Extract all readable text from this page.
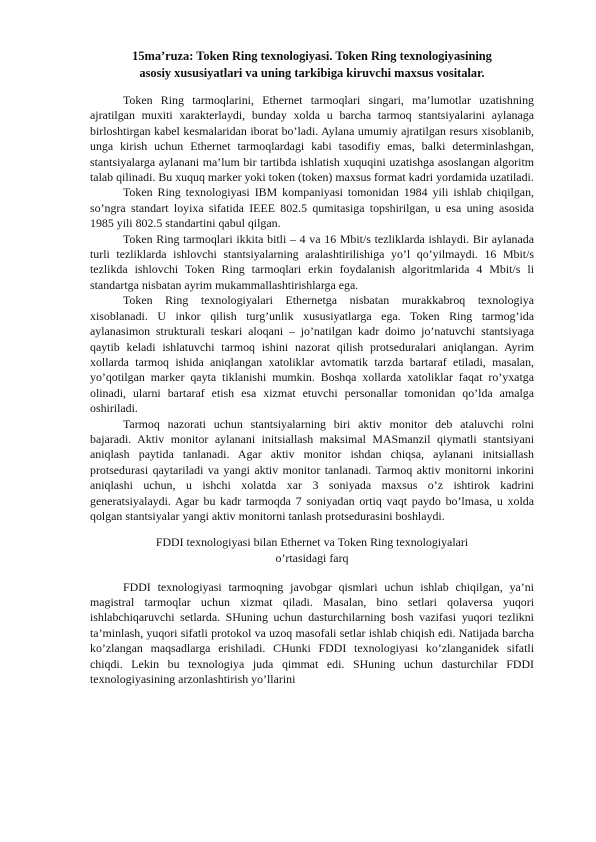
15ma’ruza: Token Ring texnologiyasi. Token Ring texnologiyasining
asosiy xususiyatlari va uning tarkibiga kiruvchi maxsus vositalar.

Token Ring tarmoqlarini, Ethernet tarmoqlari singari, ma’lumotlar uzatishning ajratilgan muxiti xarakterlaydi, bunday xolda u barcha tarmoq stantsiyalarini aylanaga birloshtirgan kabel kesmalaridan iborat bo’ladi. Aylana umumiy ajratilgan resurs xisoblanib, unga kirish uchun Ethernet tarmoqlardagi kabi tasodifiy emas, balki determinlashgan, stantsiyalarga aylanani ma’lum bir tartibda ishlatish xuquqini uzatishga asoslangan algoritm talab qilinadi. Bu xuquq marker yoki token (token) maxsus format kadri yordamida uzatiladi.

Token Ring texnologiyasi IBM kompaniyasi tomonidan 1984 yili ishlab chiqilgan, so’ngra standart loyixa sifatida IEEE 802.5 qumitasiga topshirilgan, u esa uning asosida 1985 yili 802.5 standartini qabul qilgan.

Token Ring tarmoqlari ikkita bitli – 4 va 16 Mbit/s tezliklarda ishlaydi. Bir aylanada turli tezliklarda ishlovchi stantsiyalarning aralashtirilishiga yo’l qo’yilmaydi. 16 Mbit/s tezlikda ishlovchi Token Ring tarmoqlari erkin foydalanish algoritmlarida 4 Mbit/s li standartga nisbatan ayrim mukammallashtirishlarga ega.

Token Ring texnologiyalari Ethernetga nisbatan murakkabroq texnologiya xisoblanadi. U inkor qilish turg’unlik xususiyatlarga ega. Token Ring tarmog’ida aylanasimon strukturali teskari aloqani – jo’natilgan kadr doimo jo’natuvchi stantsiyaga qaytib keladi ishlatuvchi tarmoq ishini nazorat qilish protseduralari aniqlangan. Ayrim xollarda tarmoq ishida aniqlangan xatoliklar avtomatik tarzda bartaraf etiladi, masalan, yo’qotilgan marker qayta tiklanishi mumkin. Boshqa xollarda xatoliklar faqat ro’yxatga olinadi, ularni bartaraf etish esa xizmat etuvchi personallar tomonidan qo’lda amalga oshiriladi.

Tarmoq nazorati uchun stantsiyalarning biri aktiv monitor deb ataluvchi rolni bajaradi. Aktiv monitor aylanani initsiallash maksimal MASmanzil qiymatli stantsiyani aniqlash paytida tanlanadi. Agar aktiv monitor ishdan chiqsa, aylanani initsiallash protsedurasi qaytariladi va yangi aktiv monitor tanlanadi. Tarmoq aktiv monitorni inkorini aniqlashi uchun, u ishchi xolatda xar 3 soniyada maxsus o’z ishtirok kadrini generatsiyalaydi. Agar bu kadr tarmoqda 7 soniyadan ortiq vaqt paydo bo’lmasa, u xolda qolgan stantsiyalar yangi aktiv monitorni tanlash protsedurasini boshlaydi.

FDDI texnologiyasi bilan Ethernet va Token Ring texnologiyalari
o’rtasidagi farq

FDDI texnologiyasi tarmoqning javobgar qismlari uchun ishlab chiqilgan, ya’ni magistral tarmoqlar uchun xizmat qiladi. Masalan, bino setlari qolaversa yuqori ishlabchiqaruvchi setlarda. SHuning uchun dasturchilarning bosh vazifasi yuqori tezlikni ta’minlash, yuqori sifatli protokol va uzoq masofali setlar ishlab chiqish edi. Natijada barcha ko’zlangan maqsadlarga erishiladi. CHunki FDDI texnologiyasi ko’zlanganidek sifatli chiqdi. Lekin bu texnologiya juda qimmat edi. SHuning uchun dasturchilar FDDI texnologiyasining arzonlashtirish yo’llarini
